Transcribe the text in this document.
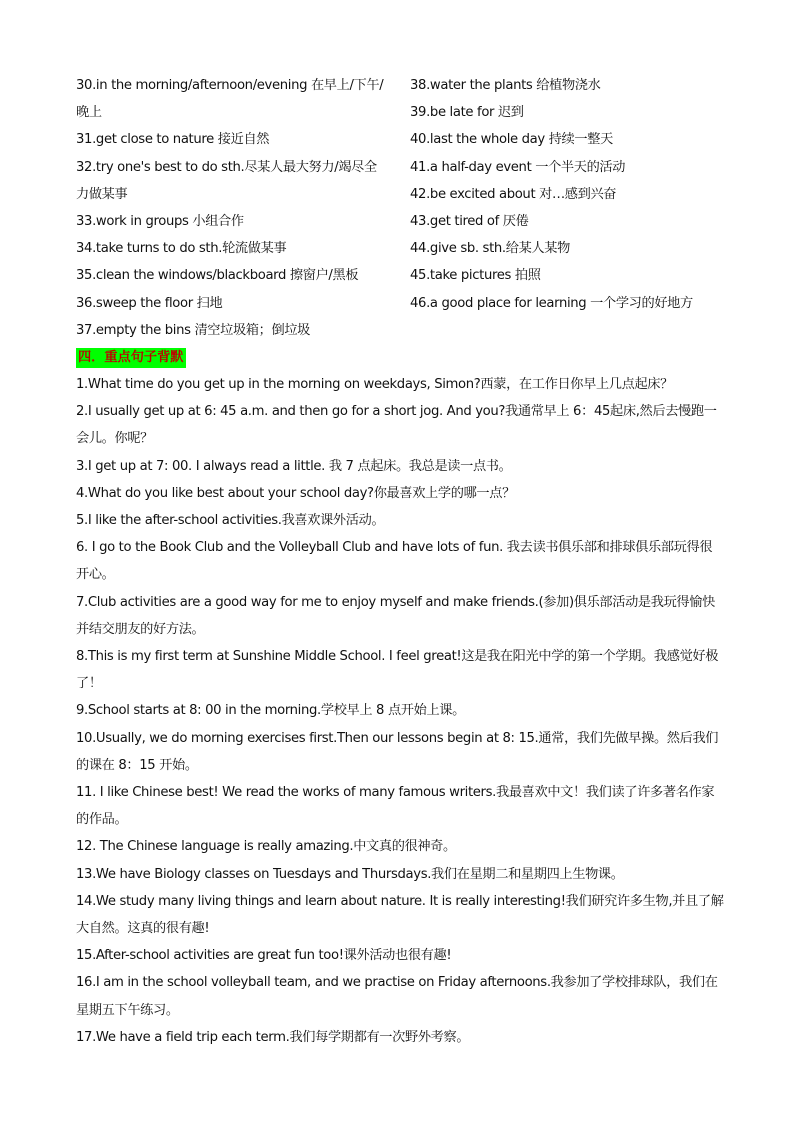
30.in the morning/afternoon/evening 在早上/下午/晚上

31.get close to nature 接近自然

32.try one's best to do sth.尽某人最大努力/竭尽全力做某事

33.work in groups 小组合作

34.take turns to do sth.轮流做某事

35.clean the windows/blackboard 擦窗户/黑板

36.sweep the floor 扫地

37.empty the bins 清空垃圾箱；倒垃圾

38.water the plants 给植物浇水

39.be late for 迟到

40.last the whole day 持续一整天

41.a half-day event 一个半天的活动

42.be excited about 对…感到兴奋

43.get tired of 厌倦

44.give sb. sth.给某人某物

45.take pictures 拍照

46.a good place for learning 一个学习的好地方

四．重点句子背默

1.What time do you get up in the morning on weekdays, Simon?西蒙，在工作日你早上几点起床？

2.I usually get up at 6: 45 a.m. and then go for a short jog. And you?我通常早上 6：45起床,然后去慢跑一会儿。你呢？

3.I get up at 7: 00. I always read a little. 我 7 点起床。我总是读一点书。

4.What do you like best about your school day?你最喜欢上学的哪一点？

5.I like the after-school activities.我喜欢课外活动。

6. I go to the Book Club and the Volleyball Club and have lots of fun. 我去读书俱乐部和排球俱乐部玩得很开心。

7.Club activities are a good way for me to enjoy myself and make friends.(参加)俱乐部活动是我玩得愉快并结交朋友的好方法。

8.This is my first term at Sunshine Middle School. I feel great!这是我在阳光中学的第一个学期。我感觉好极了！

9.School starts at 8: 00 in the morning.学校早上 8 点开始上课。

10.Usually, we do morning exercises first.Then our lessons begin at 8: 15.通常，我们先做早操。然后我们的课在 8：15 开始。

11. I like Chinese best! We read the works of many famous writers.我最喜欢中文！我们读了许多著名作家的作品。

12. The Chinese language is really amazing.中文真的很神奇。

13.We have Biology classes on Tuesdays and Thursdays.我们在星期二和星期四上生物课。

14.We study many living things and learn about nature. It is really interesting!我们研究许多生物,并且了解大自然。这真的很有趣!

15.After-school activities are great fun too!课外活动也很有趣!

16.I am in the school volleyball team, and we practise on Friday afternoons.我参加了学校排球队，我们在星期五下午练习。

17.We have a field trip each term.我们每学期都有一次野外考察。
